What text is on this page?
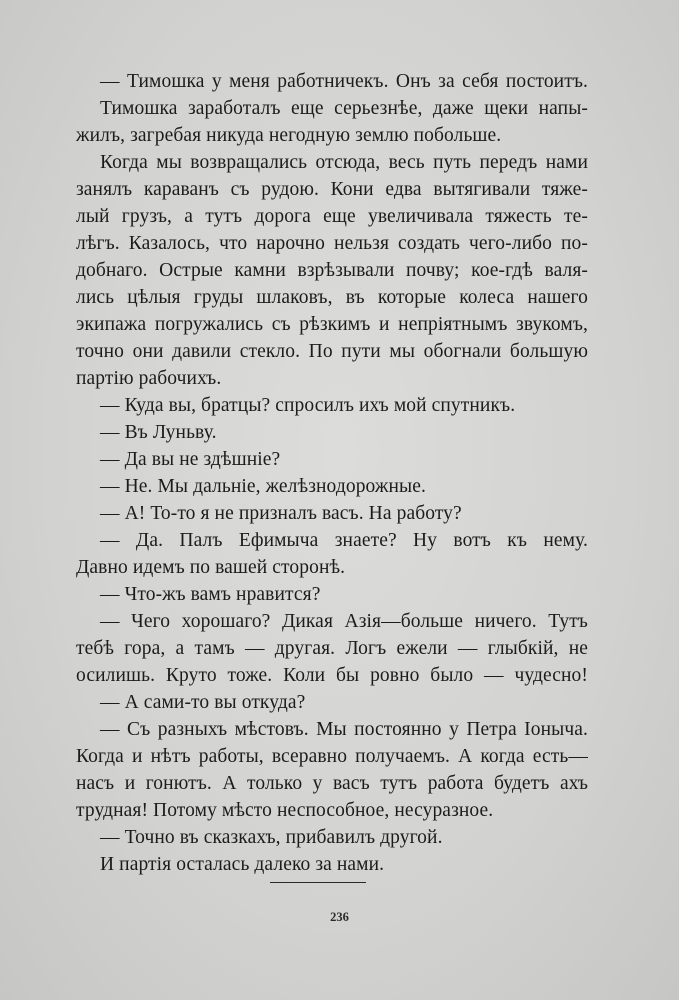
— Тимошка у меня работничекъ. Онъ за себя постоитъ.
Тимошка заработалъ еще серьезнѣе, даже щеки напы-
жилъ, загребая никуда негодную землю побольше.
Когда мы возвращались отсюда, весь путь передъ нами
занялъ караванъ съ рудою. Кони едва вытягивали тяже-
лый грузъ, а тутъ дорога еще увеличивала тяжесть те-
лѣгъ. Казалось, что нарочно нельзя создать чего-либо по-
добнаго. Острые камни взрѣзывали почву; кое-гдѣ валя-
лись цѣлыя груды шлаковъ, въ которые колеса нашего
экипажа погружались съ рѣзкимъ и непріятнымъ звукомъ,
точно они давили стекло. По пути мы обогнали большую
партію рабочихъ.
— Куда вы, братцы? спросилъ ихъ мой спутникъ.
— Въ Луньву.
— Да вы не здѣшніе?
— Не. Мы дальніе, желѣзнодорожные.
— А! То-то я не призналъ васъ. На работу?
— Да. Палъ Ефимыча знаете? Ну вотъ къ нему.
Давно идемъ по вашей сторонѣ.
— Что-жъ вамъ нравится?
— Чего хорошаго? Дикая Азія—больше ничего. Тутъ
тебѣ гора, а тамъ — другая. Логъ ежели — глыбкій, не
осилишь. Круто тоже. Коли бы ровно было — чудесно!
— А сами-то вы откуда?
— Съ разныхъ мѣстовъ. Мы постоянно у Петра Іоныча.
Когда и нѣтъ работы, всеравно получаемъ. А когда есть—
насъ и гонютъ. А только у васъ тутъ работа будетъ ахъ
трудная! Потому мѣсто неспособное, несуразное.
— Точно въ сказкахъ, прибавилъ другой.
И партія осталась далеко за нами.
236
